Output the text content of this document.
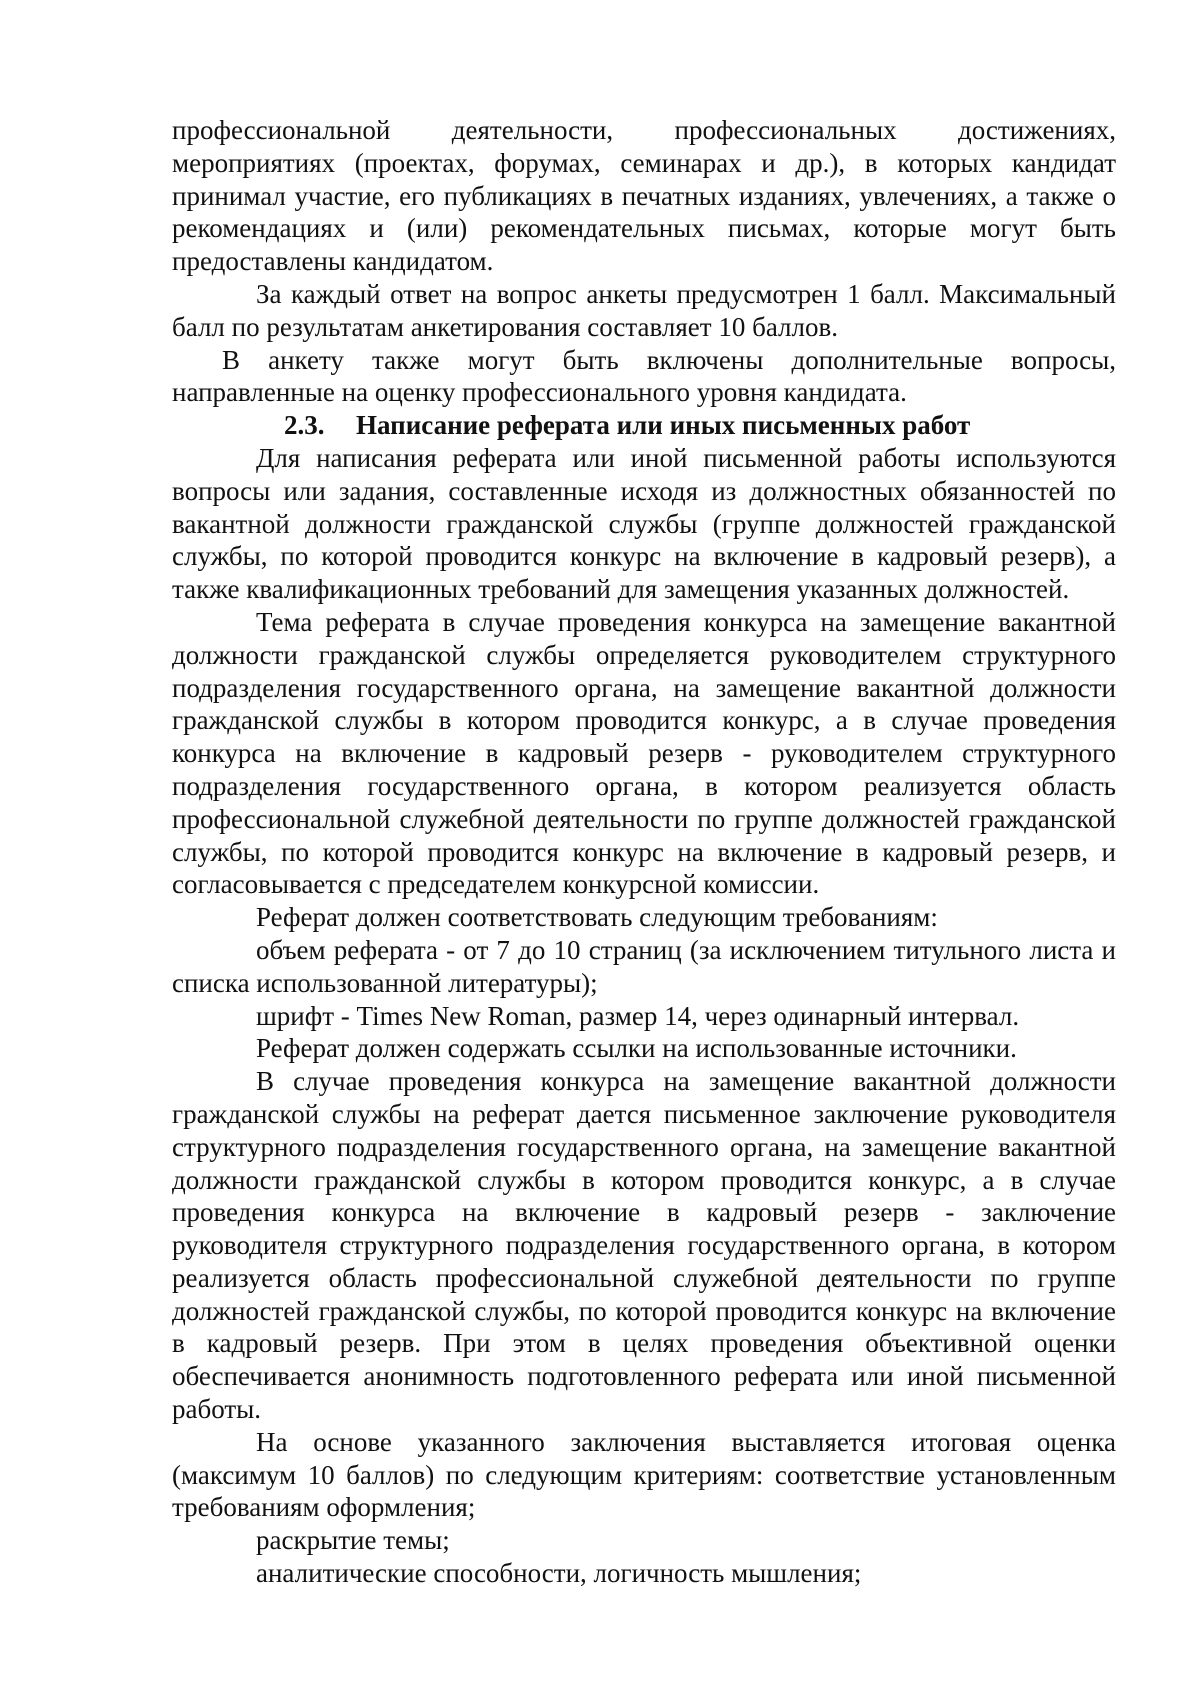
профессиональной деятельности, профессиональных достижениях, мероприятиях (проектах, форумах, семинарах и др.), в которых кандидат принимал участие, его публикациях в печатных изданиях, увлечениях, а также о рекомендациях и (или) рекомендательных письмах, которые могут быть предоставлены кандидатом.

За каждый ответ на вопрос анкеты предусмотрен 1 балл. Максимальный балл по результатам анкетирования составляет 10 баллов.

В анкету также могут быть включены дополнительные вопросы, направленные на оценку профессионального уровня кандидата.

2.3. Написание реферата или иных письменных работ

Для написания реферата или иной письменной работы используются вопросы или задания, составленные исходя из должностных обязанностей по вакантной должности гражданской службы (группе должностей гражданской службы, по которой проводится конкурс на включение в кадровый резерв), а также квалификационных требований для замещения указанных должностей.

Тема реферата в случае проведения конкурса на замещение вакантной должности гражданской службы определяется руководителем структурного подразделения государственного органа, на замещение вакантной должности гражданской службы в котором проводится конкурс, а в случае проведения конкурса на включение в кадровый резерв - руководителем структурного подразделения государственного органа, в котором реализуется область профессиональной служебной деятельности по группе должностей гражданской службы, по которой проводится конкурс на включение в кадровый резерв, и согласовывается с председателем конкурсной комиссии.

Реферат должен соответствовать следующим требованиям:

объем реферата - от 7 до 10 страниц (за исключением титульного листа и списка использованной литературы);

шрифт - Times New Roman, размер 14, через одинарный интервал.

Реферат должен содержать ссылки на использованные источники.

В случае проведения конкурса на замещение вакантной должности гражданской службы на реферат дается письменное заключение руководителя структурного подразделения государственного органа, на замещение вакантной должности гражданской службы в котором проводится конкурс, а в случае проведения конкурса на включение в кадровый резерв - заключение руководителя структурного подразделения государственного органа, в котором реализуется область профессиональной служебной деятельности по группе должностей гражданской службы, по которой проводится конкурс на включение в кадровый резерв. При этом в целях проведения объективной оценки обеспечивается анонимность подготовленного реферата или иной письменной работы.

На основе указанного заключения выставляется итоговая оценка (максимум 10 баллов) по следующим критериям: соответствие установленным требованиям оформления;

раскрытие темы;

аналитические способности, логичность мышления;
